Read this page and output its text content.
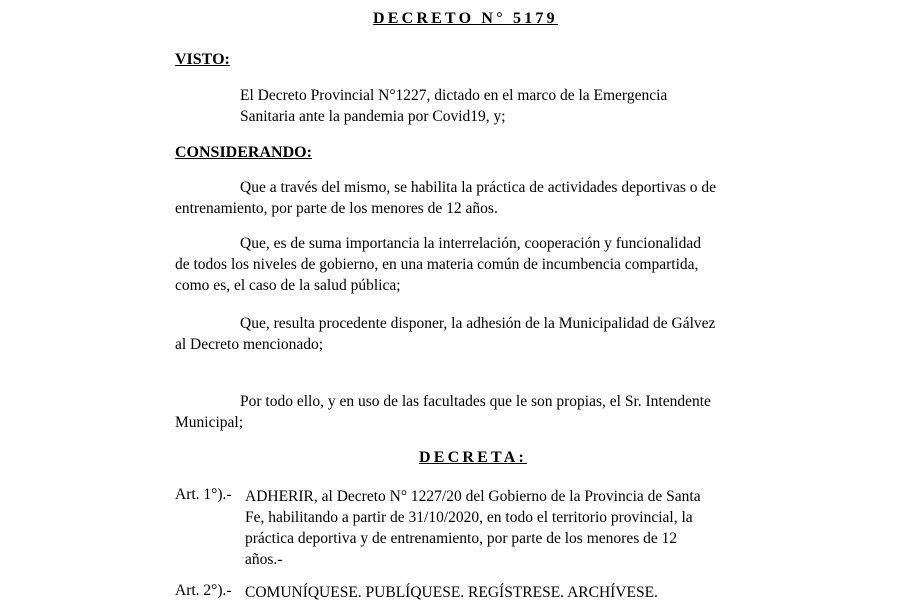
DECRETO N° 5179
VISTO:
El Decreto Provincial N°1227, dictado en el marco de la Emergencia
Sanitaria ante la pandemia por Covid19, y;
CONSIDERANDO:
Que a través del mismo, se habilita la práctica de actividades deportivas o de
entrenamiento, por parte de los menores de 12 años.
Que, es de suma importancia la interrelación, cooperación y funcionalidad
de todos los niveles de gobierno, en una materia común de incumbencia compartida,
como es, el caso de la salud pública;
Que, resulta procedente disponer, la adhesión de la Municipalidad de Gálvez
al Decreto mencionado;
Por todo ello, y en uso de las facultades que le son propias, el Sr. Intendente
Municipal;
DECRETA:
Art. 1°).- ADHERIR, al Decreto N° 1227/20 del Gobierno de la Provincia de Santa
Fe, habilitando a partir de 31/10/2020, en todo el territorio provincial, la
práctica deportiva y de entrenamiento, por parte de los menores de 12
años.-
Art. 2°).- COMUNÍQUESE. PUBLÍQUESE. REGÍSTRESE. ARCHÍVESE.
